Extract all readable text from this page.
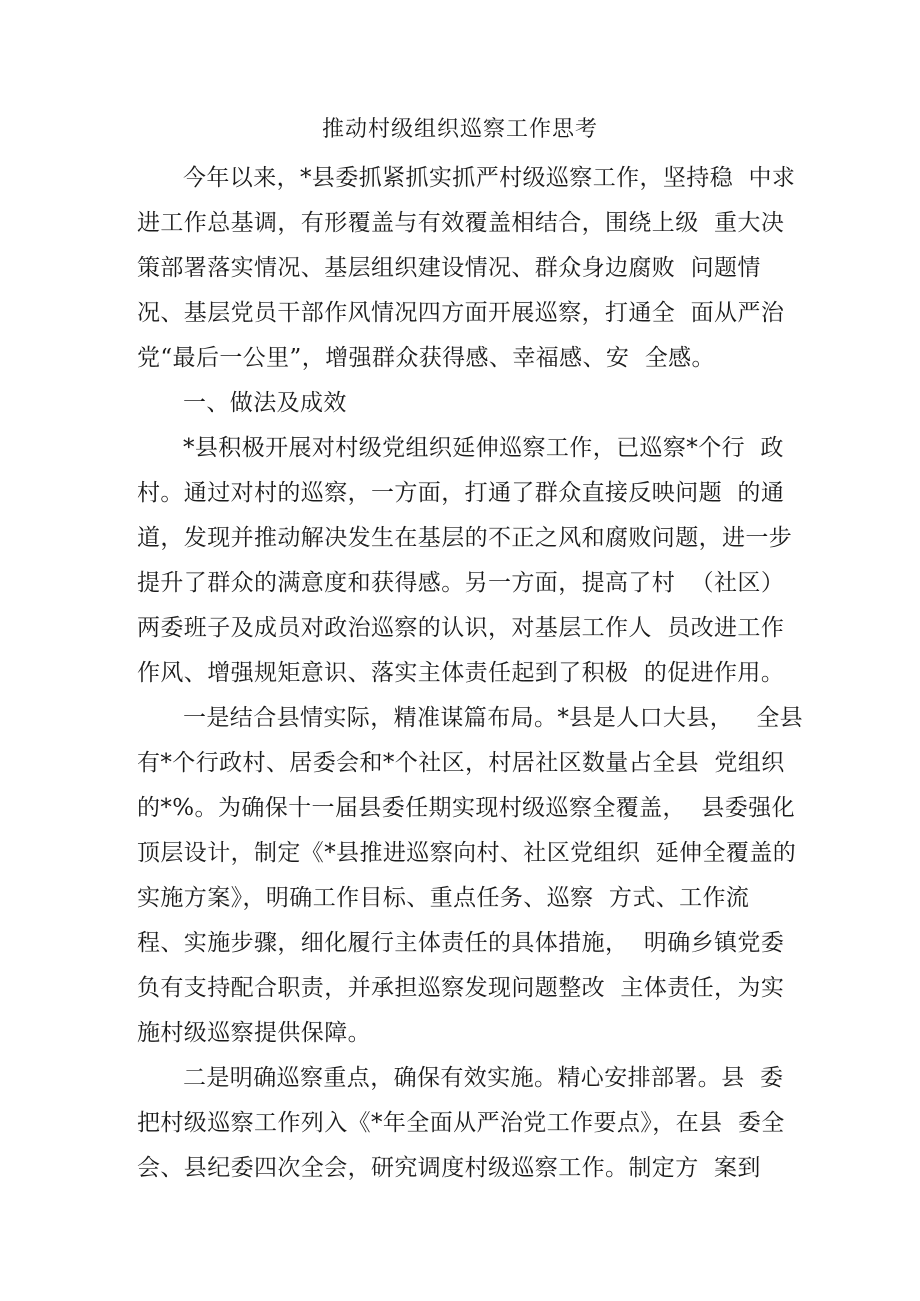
推动村级组织巡察工作思考
今年以来，*县委抓紧抓实抓严村级巡察工作，坚持稳  中求
进工作总基调，有形覆盖与有效覆盖相结合，围绕上级  重大决
策部署落实情况、基层组织建设情况、群众身边腐败  问题情
况、基层党员干部作风情况四方面开展巡察，打通全  面从严治
党“最后一公里”，增强群众获得感、幸福感、安  全感。
一、做法及成效
*县积极开展对村级党组织延伸巡察工作，已巡察*个行  政
村。通过对村的巡察，一方面，打通了群众直接反映问题  的通
道，发现并推动解决发生在基层的不正之风和腐败问题，进一步
提升了群众的满意度和获得感。另一方面，提高了村  （社区）
两委班子及成员对政治巡察的认识，对基层工作人  员改进工作
作风、增强规矩意识、落实主体责任起到了积极  的促进作用。
一是结合县情实际，精准谋篇布局。*县是人口大县，   全县
有*个行政村、居委会和*个社区，村居社区数量占全县  党组织
的*%。为确保十一届县委任期实现村级巡察全覆盖，  县委强化
顶层设计，制定《*县推进巡察向村、社区党组织  延伸全覆盖的
实施方案》，明确工作目标、重点任务、巡察  方式、工作流
程、实施步骤，细化履行主体责任的具体措施，  明确乡镇党委
负有支持配合职责，并承担巡察发现问题整改  主体责任，为实
施村级巡察提供保障。
二是明确巡察重点，确保有效实施。精心安排部署。县  委
把村级巡察工作列入《*年全面从严治党工作要点》，在县  委全
会、县纪委四次全会，研究调度村级巡察工作。制定方  案到
